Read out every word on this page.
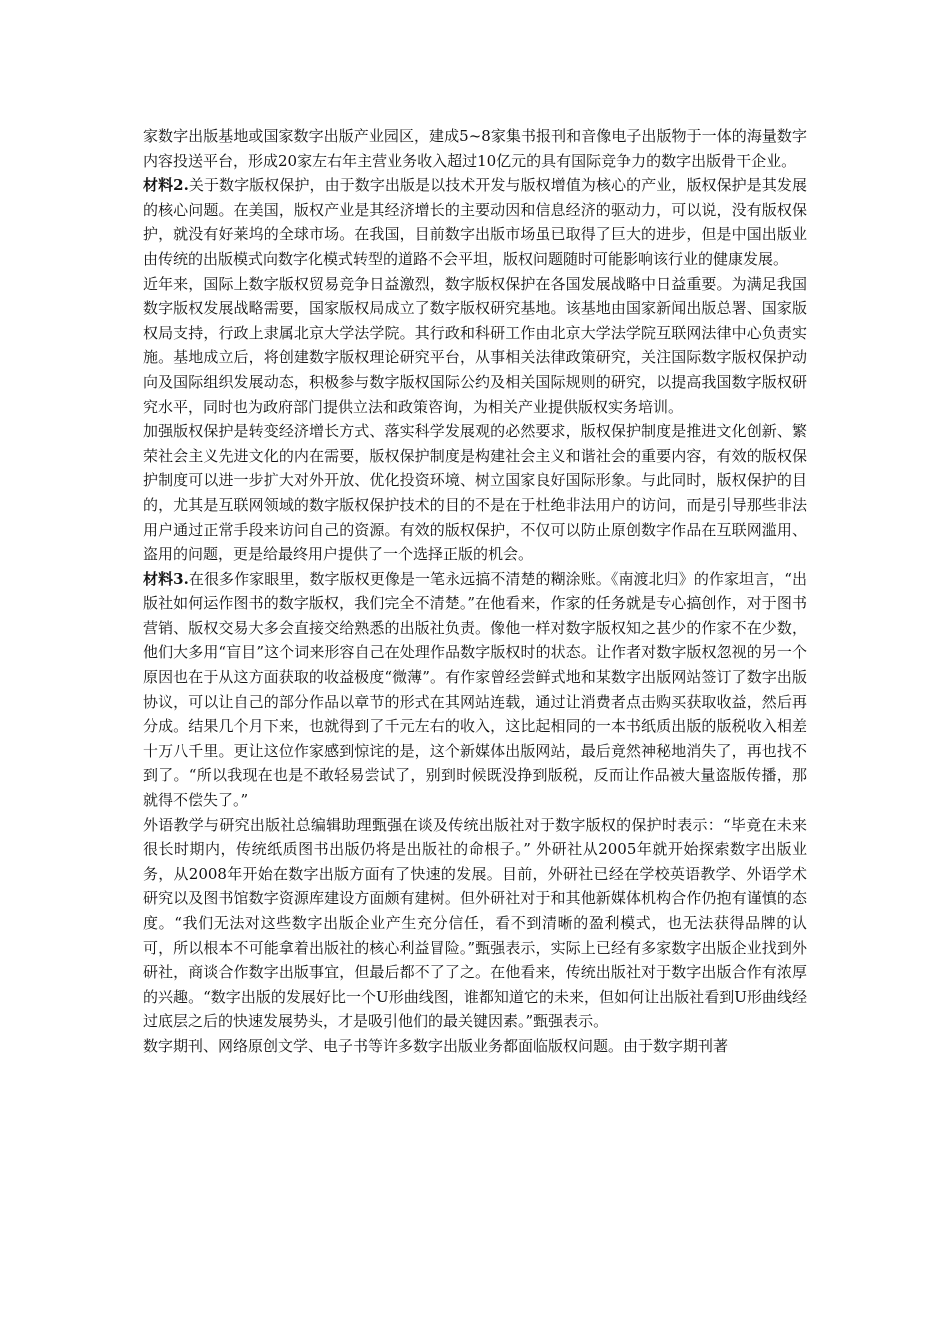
家数字出版基地或国家数字出版产业园区，建成5~8家集书报刊和音像电子出版物于一体的海量数字内容投送平台，形成20家左右年主营业务收入超过10亿元的具有国际竞争力的数字出版骨干企业。

材料2.关于数字版权保护，由于数字出版是以技术开发与版权增值为核心的产业，版权保护是其发展的核心问题。在美国，版权产业是其经济增长的主要动因和信息经济的驱动力，可以说，没有版权保护，就没有好莱坞的全球市场。在我国，目前数字出版市场虽已取得了巨大的进步，但是中国出版业由传统的出版模式向数字化模式转型的道路不会平坦，版权问题随时可能影响该行业的健康发展。

近年来，国际上数字版权贸易竞争日益激烈，数字版权保护在各国发展战略中日益重要。为满足我国数字版权发展战略需要，国家版权局成立了数字版权研究基地。该基地由国家新闻出版总署、国家版权局支持，行政上隶属北京大学法学院。其行政和科研工作由北京大学法学院互联网法律中心负责实施。基地成立后，将创建数字版权理论研究平台，从事相关法律政策研究，关注国际数字版权保护动向及国际组织发展动态，积极参与数字版权国际公约及相关国际规则的研究，以提高我国数字版权研究水平，同时也为政府部门提供立法和政策咨询，为相关产业提供版权实务培训。

加强版权保护是转变经济增长方式、落实科学发展观的必然要求，版权保护制度是推进文化创新、繁荣社会主义先进文化的内在需要，版权保护制度是构建社会主义和谐社会的重要内容，有效的版权保护制度可以进一步扩大对外开放、优化投资环境、树立国家良好国际形象。与此同时，版权保护的目的，尤其是互联网领域的数字版权保护技术的目的不是在于杜绝非法用户的访问，而是引导那些非法用户通过正常手段来访问自己的资源。有效的版权保护，不仅可以防止原创数字作品在互联网滥用、盗用的问题，更是给最终用户提供了一个选择正版的机会。

材料3.在很多作家眼里，数字版权更像是一笔永远搞不清楚的糊涂账。《南渡北归》的作家坦言，“出版社如何运作图书的数字版权，我们完全不清楚。”在他看来，作家的任务就是专心搞创作，对于图书营销、版权交易大多会直接交给熟悉的出版社负责。像他一样对数字版权知之甚少的作家不在少数，他们大多用“盲目”这个词来形容自己在处理作品数字版权时的状态。让作者对数字版权忽视的另一个原因也在于从这方面获取的收益极度“微薄”。有作家曾经尝鲜式地和某数字出版网站签订了数字出版协议，可以让自己的部分作品以章节的形式在其网站连载，通过让消费者点击购买获取收益，然后再分成。结果几个月下来，也就得到了千元左右的收入，这比起相同的一本书纸质出版的版税收入相差十万八千里。更让这位作家感到惊诧的是，这个新媒体出版网站，最后竟然神秘地消失了，再也找不到了。“所以我现在也是不敢轻易尝试了，别到时候既没挣到版税，反而让作品被大量盗版传播，那就得不偿失了。”

外语教学与研究出版社总编辑助理甄强在谈及传统出版社对于数字版权的保护时表示：“毕竟在未来很长时期内，传统纸质图书出版仍将是出版社的命根子。” 外研社从2005年就开始探索数字出版业务，从2008年开始在数字出版方面有了快速的发展。目前，外研社已经在学校英语教学、外语学术研究以及图书馆数字资源库建设方面颇有建树。但外研社对于和其他新媒体机构合作仍抱有谨慎的态度。“我们无法对这些数字出版企业产生充分信任，看不到清晰的盈利模式，也无法获得品牌的认可，所以根本不可能拿着出版社的核心利益冒险。”甄强表示，实际上已经有多家数字出版企业找到外研社，商谈合作数字出版事宜，但最后都不了了之。在他看来，传统出版社对于数字出版合作有浓厚的兴趣。“数字出版的发展好比一个U形曲线图，谁都知道它的未来，但如何让出版社看到U形曲线经过底层之后的快速发展势头，才是吸引他们的最关键因素。”甄强表示。

数字期刊、网络原创文学、电子书等许多数字出版业务都面临版权问题。由于数字期刊著
